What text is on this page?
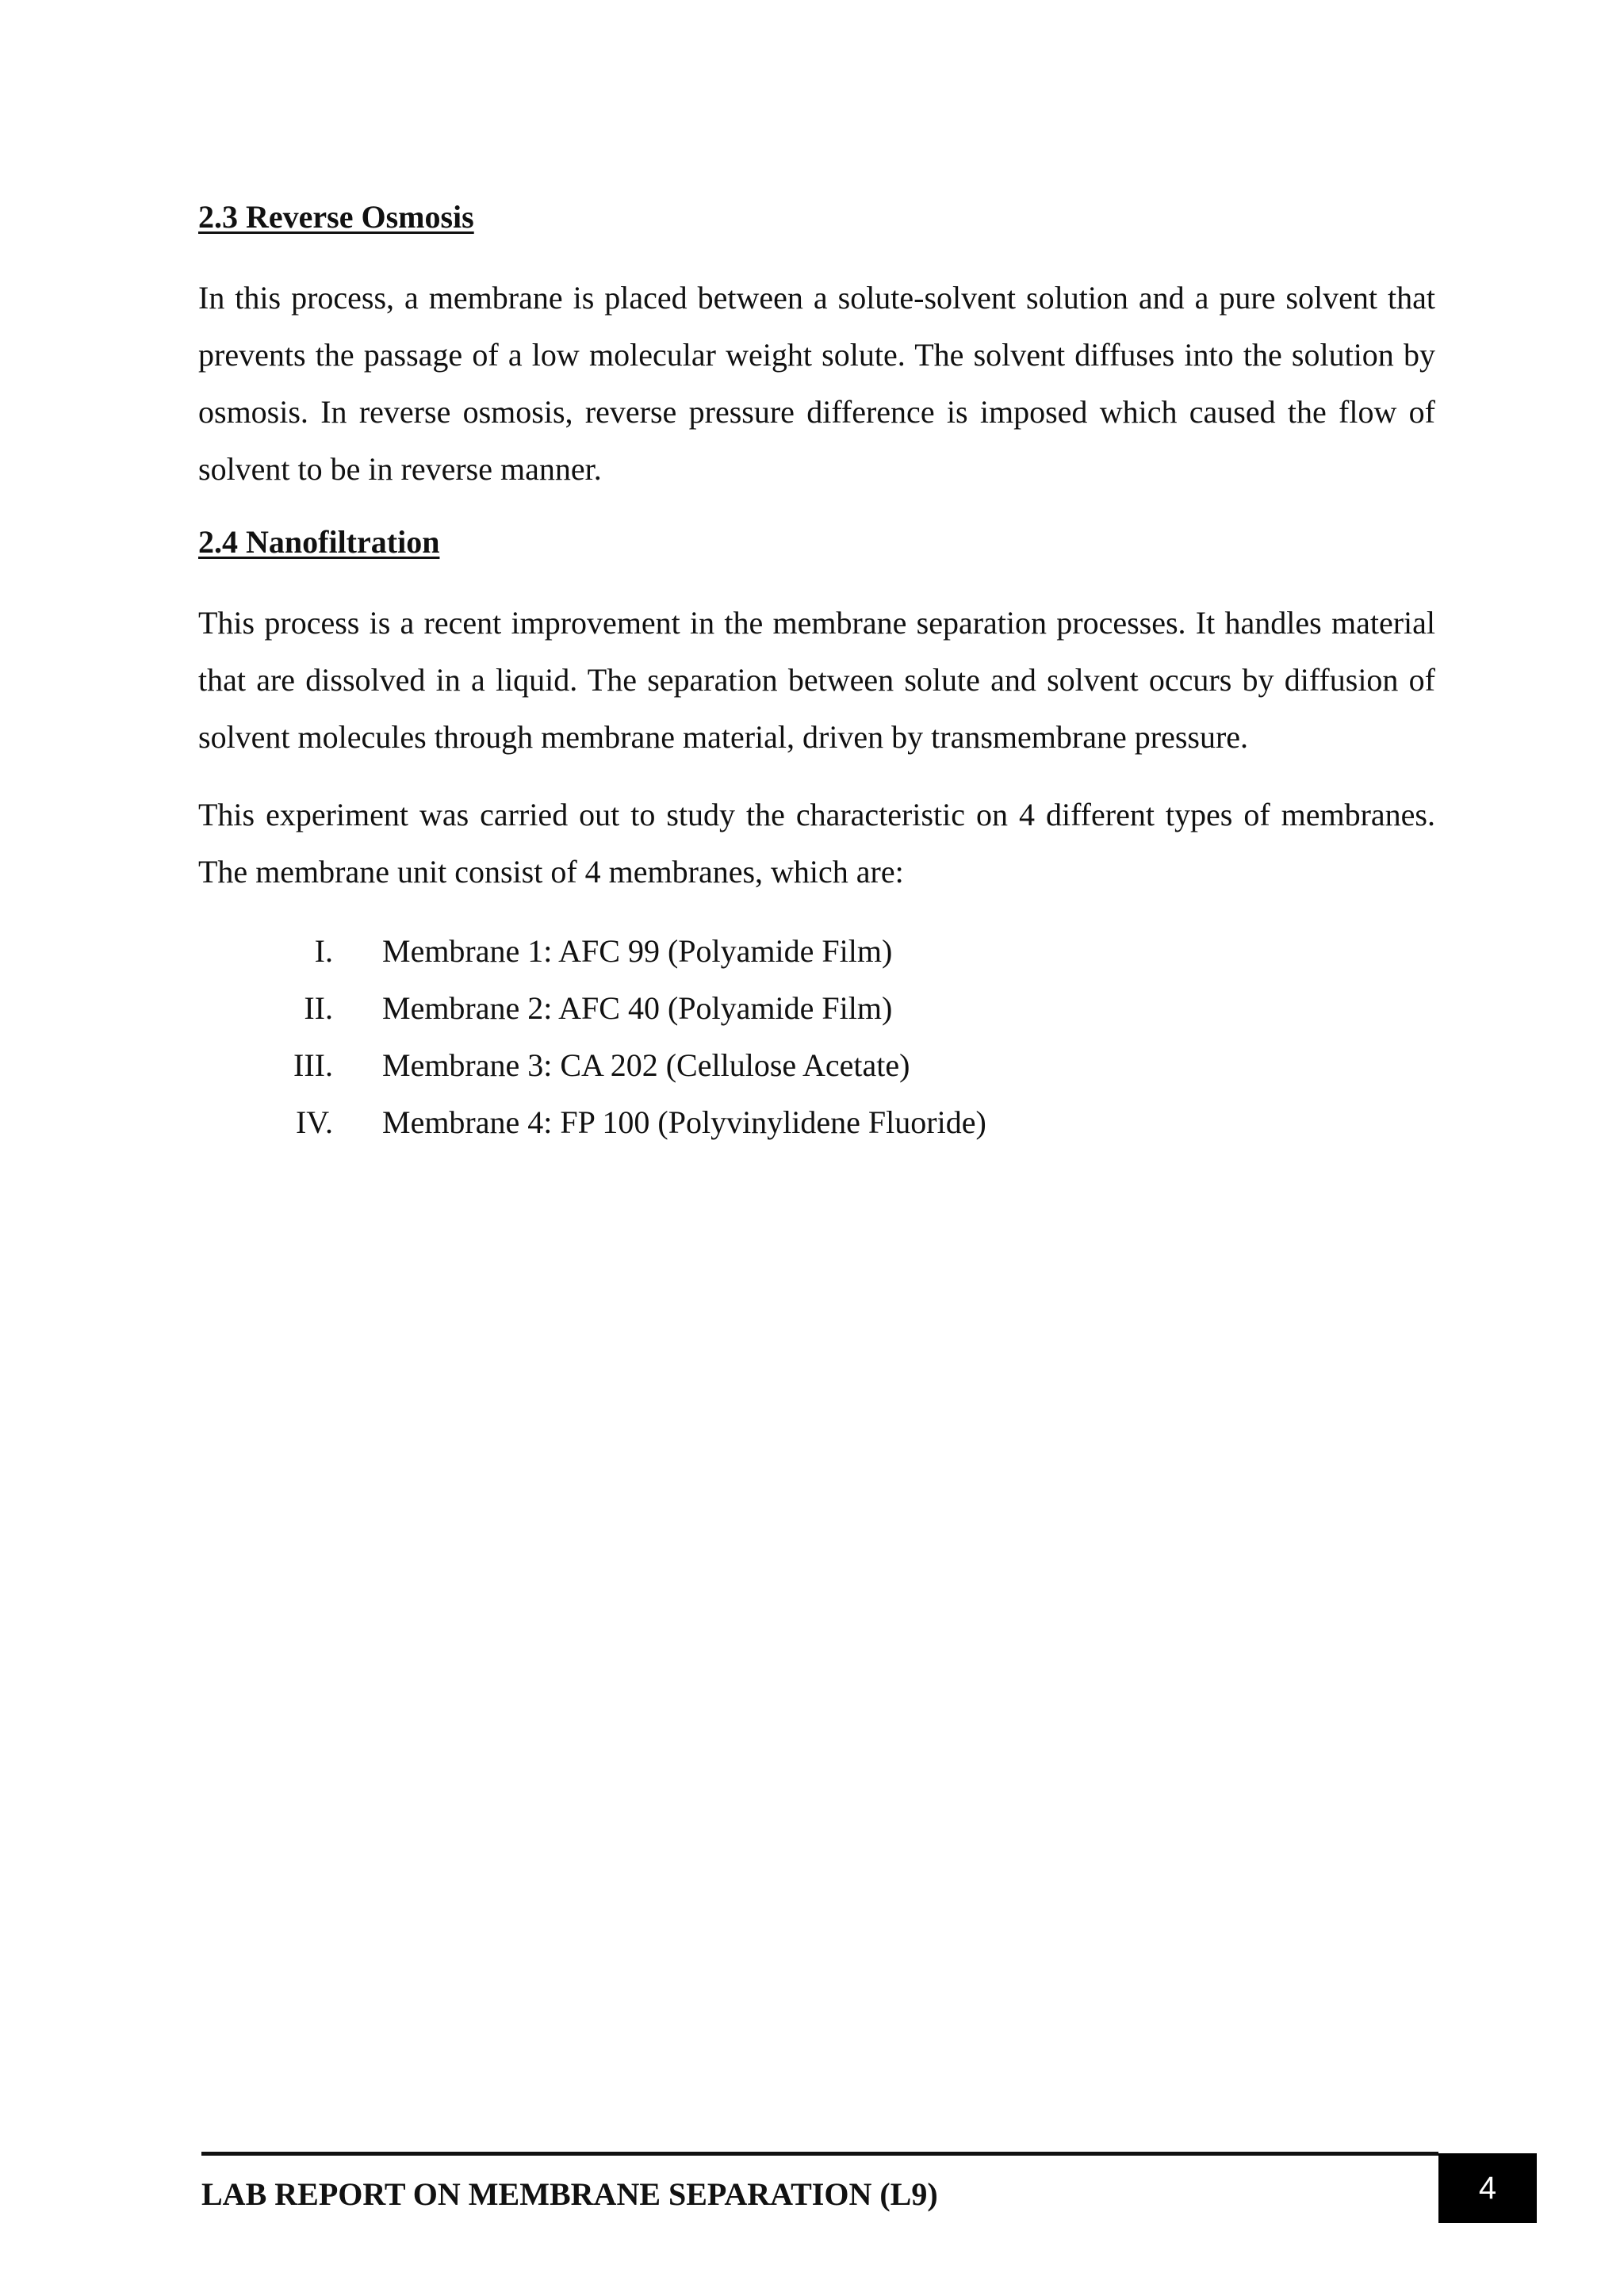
2.3 Reverse Osmosis

In this process, a membrane is placed between a solute-solvent solution and a pure solvent that prevents the passage of a low molecular weight solute. The solvent diffuses into the solution by osmosis. In reverse osmosis, reverse pressure difference is imposed which caused the flow of solvent to be in reverse manner.

2.4 Nanofiltration

This process is a recent improvement in the membrane separation processes. It handles material that are dissolved in a liquid. The separation between solute and solvent occurs by diffusion of solvent molecules through membrane material, driven by transmembrane pressure.

This experiment was carried out to study the characteristic on 4 different types of membranes. The membrane unit consist of 4 membranes, which are:

I.	Membrane 1: AFC 99 (Polyamide Film)
II.	Membrane 2: AFC 40 (Polyamide Film)
III.	Membrane 3: CA 202 (Cellulose Acetate)
IV.	Membrane 4: FP 100 (Polyvinylidene Fluoride)
LAB REPORT ON MEMBRANE SEPARATION (L9)	4
